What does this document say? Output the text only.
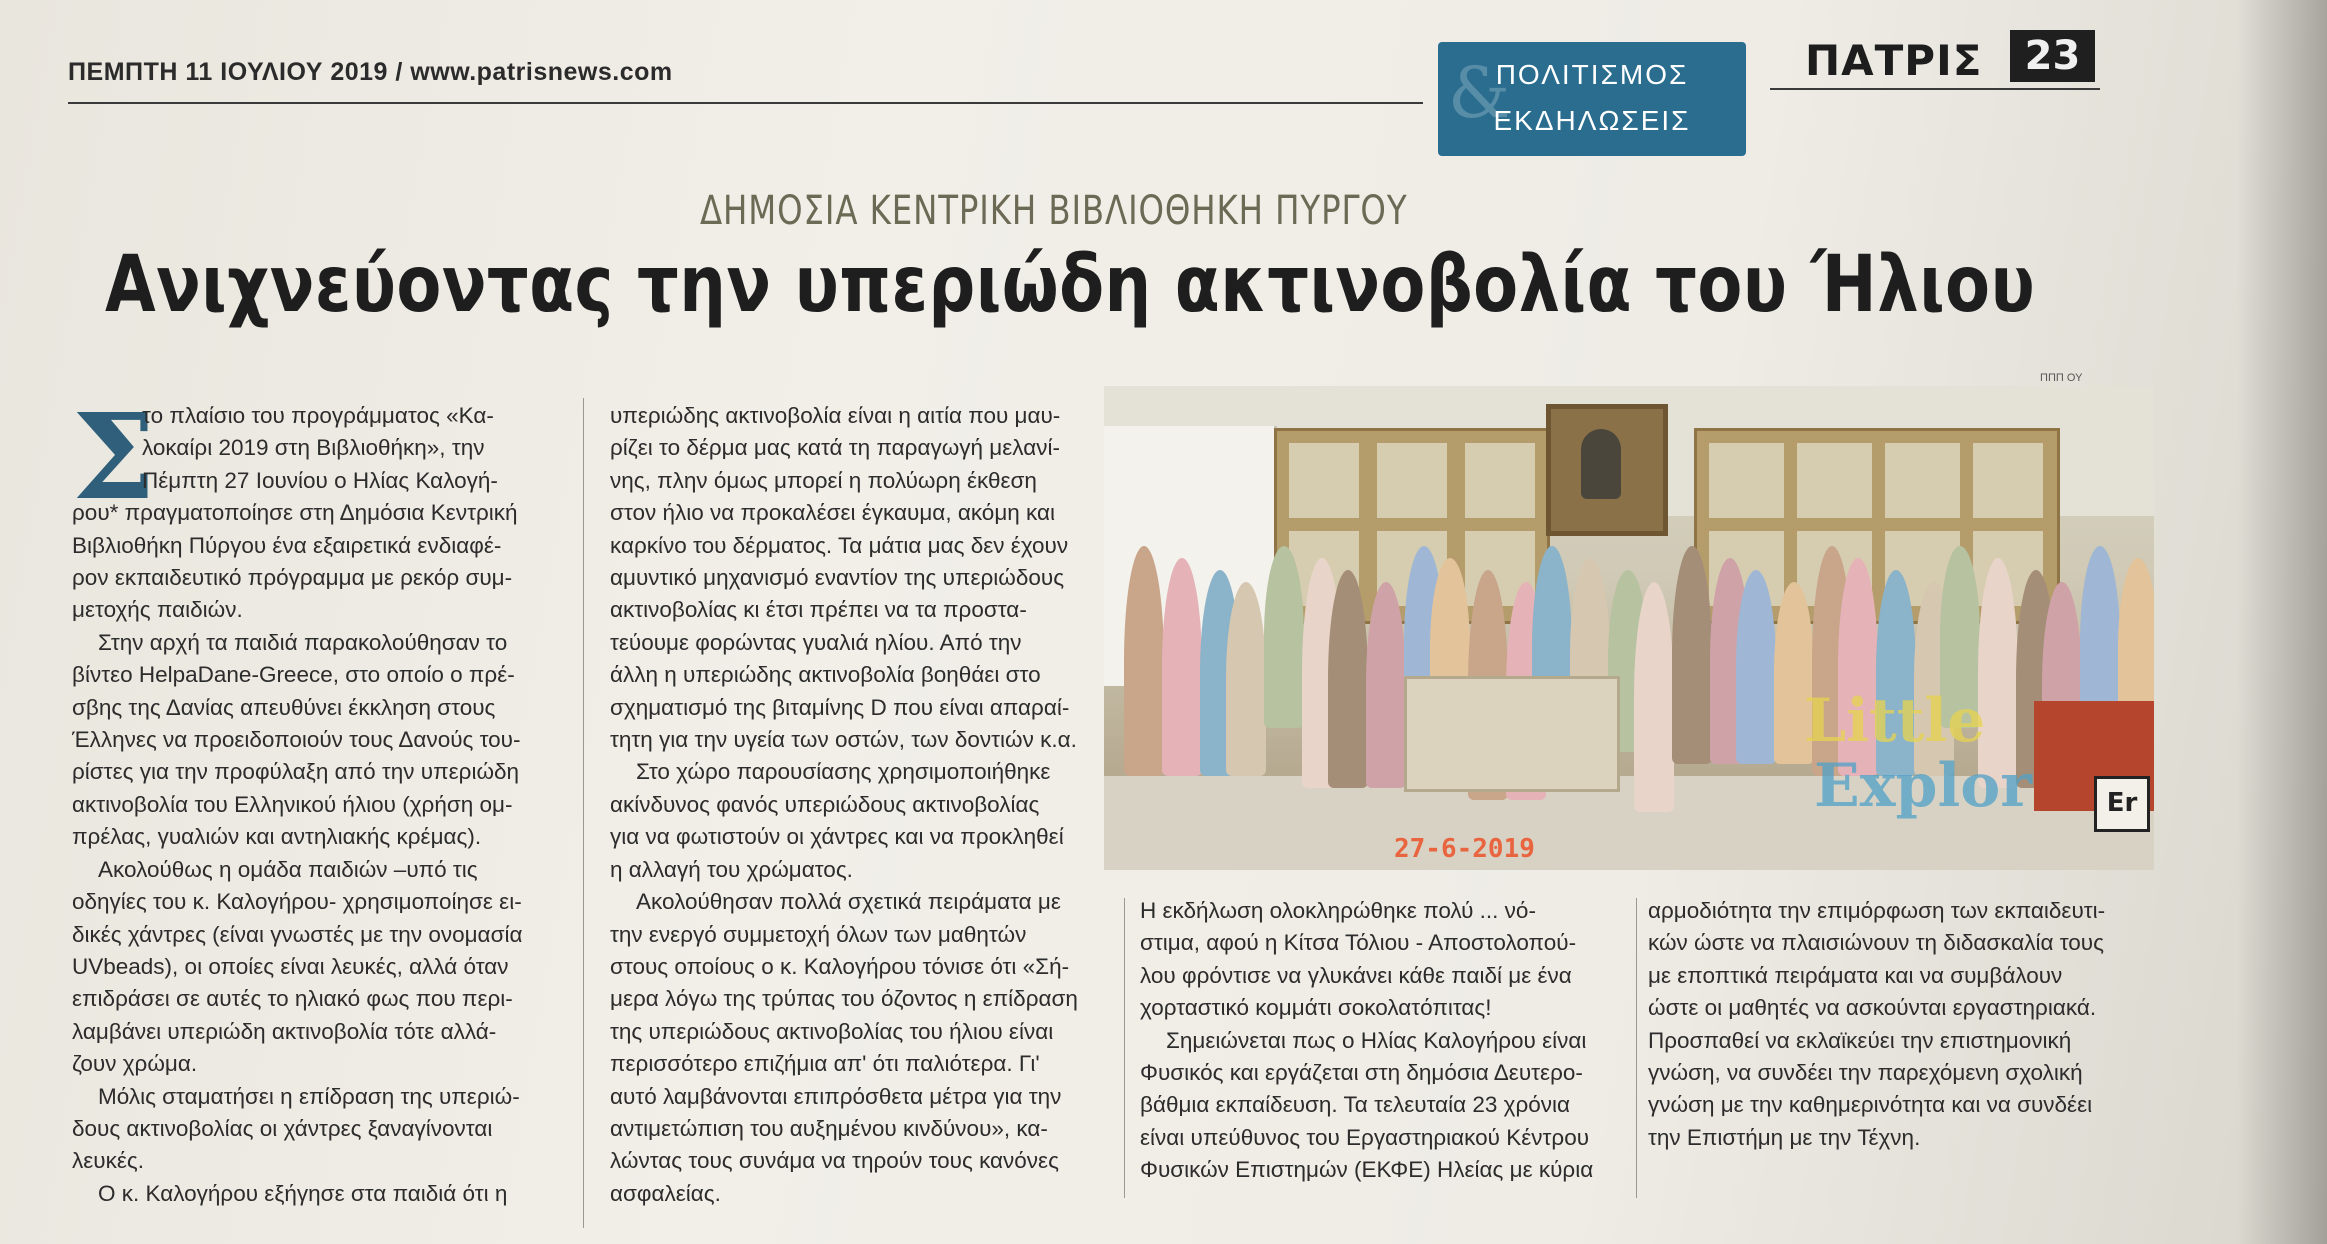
ΠΕΜΠΤΗ 11 ΙΟΥΛΙΟΥ 2019 / www.patrisnews.com	ΠΟΛΙΤΙΣΜΟΣ
ΕΚΔΗΛΩΣΕΙΣ
&	ΠΑΤΡΙΣ	23
ΔΗΜΟΣΙΑ ΚΕΝΤΡΙΚΗ ΒΙΒΛΙΟΘΗΚΗ ΠΥΡΓΟΥ
Ανιχνεύοντας την υπεριώδη ακτινοβολία του Ήλιου
Σ
το πλαίσιο του προγράμματος «Κα-
λοκαίρι 2019 στη Βιβλιοθήκη», την
Πέμπτη 27 Ιουνίου ο Ηλίας Καλογή-
ρου* πραγματοποίησε στη Δημόσια Κεντρική
Βιβλιοθήκη Πύργου ένα εξαιρετικά ενδιαφέ-
ρον εκπαιδευτικό πρόγραμμα με ρεκόρ συμ-
μετοχής παιδιών.
Στην αρχή τα παιδιά παρακολούθησαν το
βίντεο HelpaDane-Greece, στο οποίο ο πρέ-
σβης της Δανίας απευθύνει έκκληση στους
Έλληνες να προειδοποιούν τους Δανούς του-
ρίστες για την προφύλαξη από την υπεριώδη
ακτινοβολία του Ελληνικού ήλιου (χρήση ομ-
πρέλας, γυαλιών και αντηλιακής κρέμας).
Ακολούθως η ομάδα παιδιών –υπό τις
οδηγίες του κ. Καλογήρου- χρησιμοποίησε ει-
δικές χάντρες (είναι γνωστές με την ονομασία
UVbeads), οι οποίες είναι λευκές, αλλά όταν
επιδράσει σε αυτές το ηλιακό φως που περι-
λαμβάνει υπεριώδη ακτινοβολία τότε αλλά-
ζουν χρώμα.
Μόλις σταματήσει η επίδραση της υπεριώ-
δους ακτινοβολίας οι χάντρες ξαναγίνονται
λευκές.
Ο κ. Καλογήρου εξήγησε στα παιδιά ότι η
υπεριώδης ακτινοβολία είναι η αιτία που μαυ-
ρίζει το δέρμα μας κατά τη παραγωγή μελανί-
νης, πλην όμως μπορεί η πολύωρη έκθεση
στον ήλιο να προκαλέσει έγκαυμα, ακόμη και
καρκίνο του δέρματος. Τα μάτια μας δεν έχουν
αμυντικό μηχανισμό εναντίον της υπεριώδους
ακτινοβολίας κι έτσι πρέπει να τα προστα-
τεύουμε φορώντας γυαλιά ηλίου. Από την
άλλη η υπεριώδης ακτινοβολία βοηθάει στο
σχηματισμό της βιταμίνης D που είναι απαραί-
τητη για την υγεία των οστών, των δοντιών κ.α.
Στο χώρο παρουσίασης χρησιμοποιήθηκε
ακίνδυνος φανός υπεριώδους ακτινοβολίας
για να φωτιστούν οι χάντρες και να προκληθεί
η αλλαγή του χρώματος.
Ακολούθησαν πολλά σχετικά πειράματα με
την ενεργό συμμετοχή όλων των μαθητών
στους οποίους ο κ. Καλογήρου τόνισε ότι «Σή-
μερα λόγω της τρύπας του όζοντος η επίδραση
της υπεριώδους ακτινοβολίας του ήλιου είναι
περισσότερο επιζήμια απ' ότι παλιότερα. Γι'
αυτό λαμβάνονται επιπρόσθετα μέτρα για την
αντιμετώπιση του αυξημένου κινδύνου», κα-
λώντας τους συνάμα να τηρούν τους κανόνες
ασφαλείας.
Η εκδήλωση ολοκληρώθηκε πολύ ... νό-
στιμα, αφού η Κίτσα Τόλιου - Αποστολοπού-
λου φρόντισε να γλυκάνει κάθε παιδί με ένα
χορταστικό κομμάτι σοκολατόπιτας!
Σημειώνεται πως ο Ηλίας Καλογήρου είναι
Φυσικός και εργάζεται στη δημόσια Δευτερο-
βάθμια εκπαίδευση. Τα τελευταία 23 χρόνια
είναι υπεύθυνος του Εργαστηριακού Κέντρου
Φυσικών Επιστημών (ΕΚΦΕ) Ηλείας με κύρια
αρμοδιότητα την επιμόρφωση των εκπαιδευτι-
κών ώστε να πλαισιώνουν τη διδασκαλία τους
με εποπτικά πειράματα και να συμβάλουν
ώστε οι μαθητές να ασκούνται εργαστηριακά.
Προσπαθεί να εκλαϊκεύει την επιστημονική
γνώση, να συνδέει την παρεχόμενη σχολική
γνώση με την καθημερινότητα και να συνδέει
την Επιστήμη με την Τέχνη.
ΠΠΠ ΟΥ
Little
Explor	Er
27-6-2019
